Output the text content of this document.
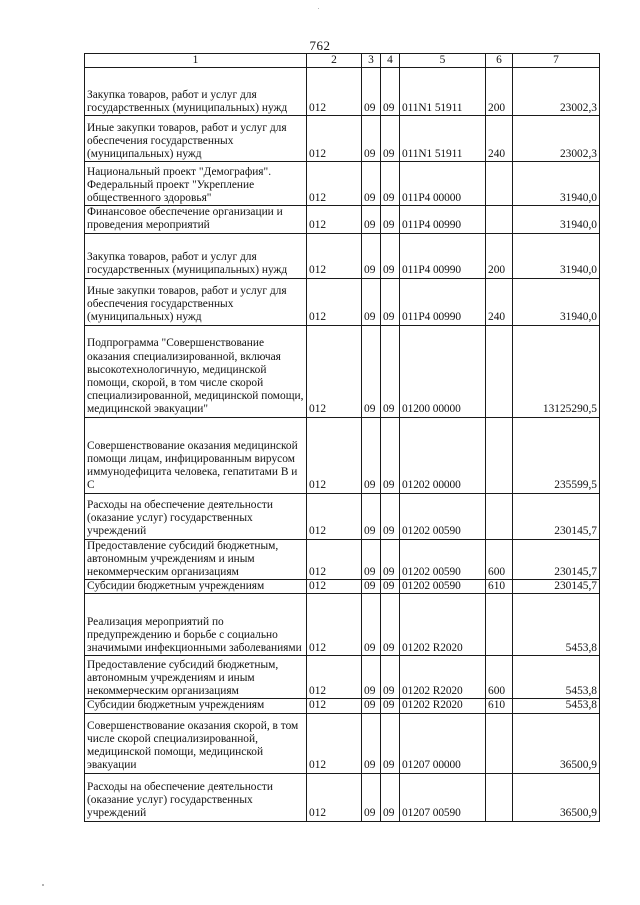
762
1	2	3	4	5	6	7
Закупка товаров, работ и услуг для государственных (муниципальных) нужд	012	09	09	011N1 51911	200	23002,3
Иные закупки товаров, работ и услуг для обеспечения государственных (муниципальных) нужд	012	09	09	011N1 51911	240	23002,3
Национальный проект "Демография". Федеральный проект "Укрепление общественного здоровья"	012	09	09	011P4 00000		31940,0
Финансовое обеспечение организации и проведения мероприятий	012	09	09	011P4 00990		31940,0
Закупка товаров, работ и услуг для государственных (муниципальных) нужд	012	09	09	011P4 00990	200	31940,0
Иные закупки товаров, работ и услуг для обеспечения государственных (муниципальных) нужд	012	09	09	011P4 00990	240	31940,0
Подпрограмма "Совершенствование оказания специализированной, включая высокотехнологичную, медицинской помощи, скорой, в том числе скорой специализированной, медицинской помощи, медицинской эвакуации"	012	09	09	01200 00000		13125290,5
Совершенствование оказания медицинской помощи лицам, инфицированным вирусом иммунодефицита человека, гепатитами В и С	012	09	09	01202 00000		235599,5
Расходы на обеспечение деятельности (оказание услуг) государственных учреждений	012	09	09	01202 00590		230145,7
Предоставление субсидий бюджетным, автономным учреждениям и иным некоммерческим организациям	012	09	09	01202 00590	600	230145,7
Субсидии бюджетным учреждениям	012	09	09	01202 00590	610	230145,7
Реализация мероприятий по предупреждению и борьбе с социально значимыми инфекционными заболеваниями	012	09	09	01202 R2020		5453,8
Предоставление субсидий бюджетным, автономным учреждениям и иным некоммерческим организациям	012	09	09	01202 R2020	600	5453,8
Субсидии бюджетным учреждениям	012	09	09	01202 R2020	610	5453,8
Совершенствование оказания скорой, в том числе скорой специализированной, медицинской помощи, медицинской эвакуации	012	09	09	01207 00000		36500,9
Расходы на обеспечение деятельности (оказание услуг) государственных учреждений	012	09	09	01207 00590		36500,9
